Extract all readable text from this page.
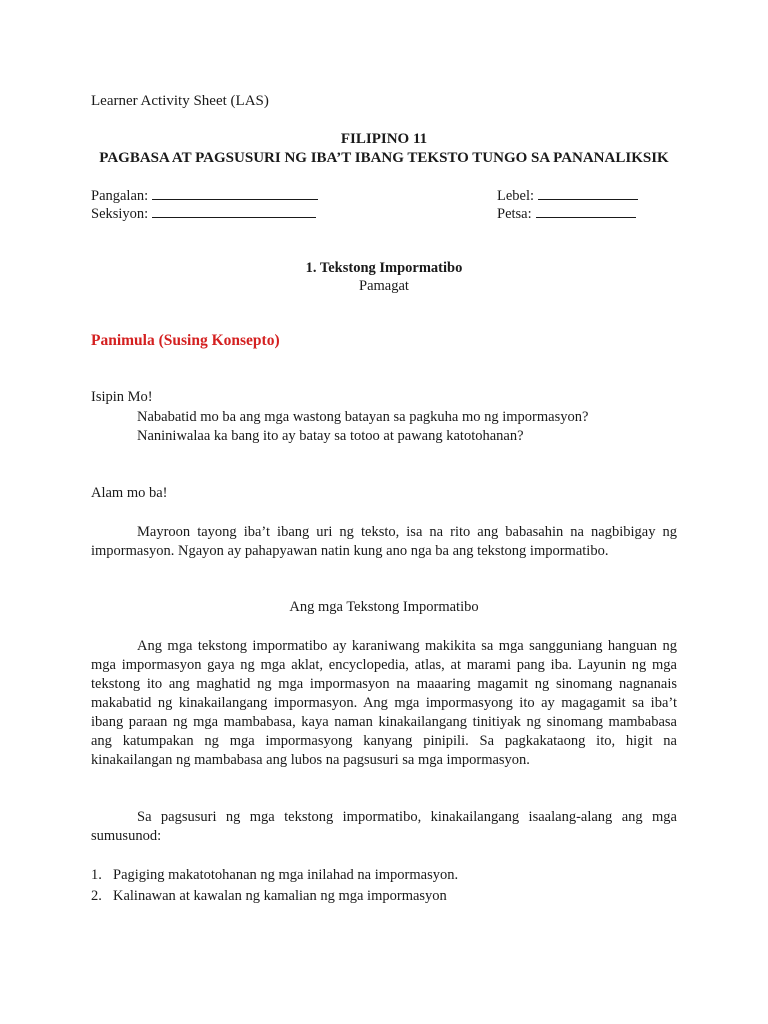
Learner Activity Sheet (LAS)
FILIPINO 11
PAGBASA AT PAGSUSURI NG IBA’T IBANG TEKSTO TUNGO SA PANANALIKSIK
Pangalan:
Seksiyon:
Lebel:
Petsa:
1. Tekstong Impormatibo
Pamagat
Panimula (Susing Konsepto)
Isipin Mo!
Nababatid mo ba ang mga wastong batayan sa pagkuha mo ng impormasyon?
Naniniwalaa ka bang ito ay batay sa totoo at pawang katotohanan?
Alam mo ba!
Mayroon tayong iba’t ibang uri ng teksto, isa na rito ang babasahin na nagbibigay ng impormasyon. Ngayon ay pahapyawan natin kung ano nga ba ang tekstong impormatibo.
Ang mga Tekstong Impormatibo
Ang mga tekstong impormatibo ay karaniwang makikita sa mga sangguniang hanguan ng mga impormasyon gaya ng mga aklat, encyclopedia, atlas, at marami pang iba. Layunin ng mga tekstong ito ang maghatid ng mga impormasyon na maaaring magamit ng sinomang nagnanais makabatid ng kinakailangang impormasyon. Ang mga impormasyong ito ay magagamit sa iba’t ibang paraan ng mga mambabasa, kaya naman kinakailangang tinitiyak ng sinomang mambabasa ang katumpakan ng mga impormasyong kanyang pinipili. Sa pagkakataong ito, higit na kinakailangan ng mambabasa ang lubos na pagsusuri sa mga impormasyon.
Sa pagsusuri ng mga tekstong impormatibo, kinakailangang isaalang-alang ang mga sumusunod:
1. Pagiging makatotohanan ng mga inilahad na impormasyon.
2. Kalinawan at kawalan ng kamalian ng mga impormasyon
